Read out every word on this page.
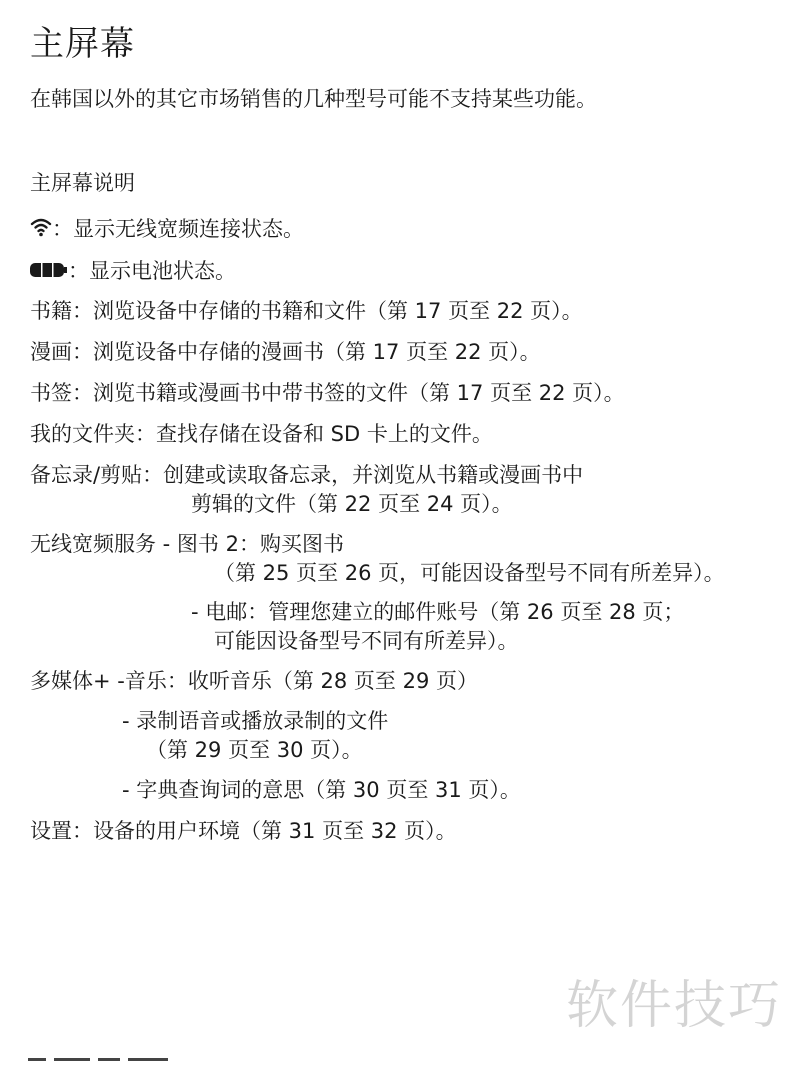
主屏幕

在韩国以外的其它市场销售的几种型号可能不支持某些功能。

主屏幕说明
：显示无线宽频连接状态。
：显示电池状态。

书籍：浏览设备中存储的书籍和文件（第 17 页至 22 页）。

漫画：浏览设备中存储的漫画书（第 17 页至 22 页）。

书签：浏览书籍或漫画书中带书签的文件（第 17 页至 22 页）。

我的文件夹：查找存储在设备和 SD 卡上的文件。

备忘录/剪贴：创建或读取备忘录，并浏览从书籍或漫画书中

剪辑的文件（第 22 页至 24 页）。

无线宽频服务 - 图书 2：购买图书

（第 25 页至 26 页，可能因设备型号不同有所差异）。

- 电邮：管理您建立的邮件账号（第 26 页至 28 页；

可能因设备型号不同有所差异）。

多媒体+ -音乐：收听音乐（第 28 页至 29 页）

- 录制语音或播放录制的文件

（第 29 页至 30 页）。

- 字典查询词的意思（第 30 页至 31 页）。

设置：设备的用户环境（第 31 页至 32 页）。

软件技巧
